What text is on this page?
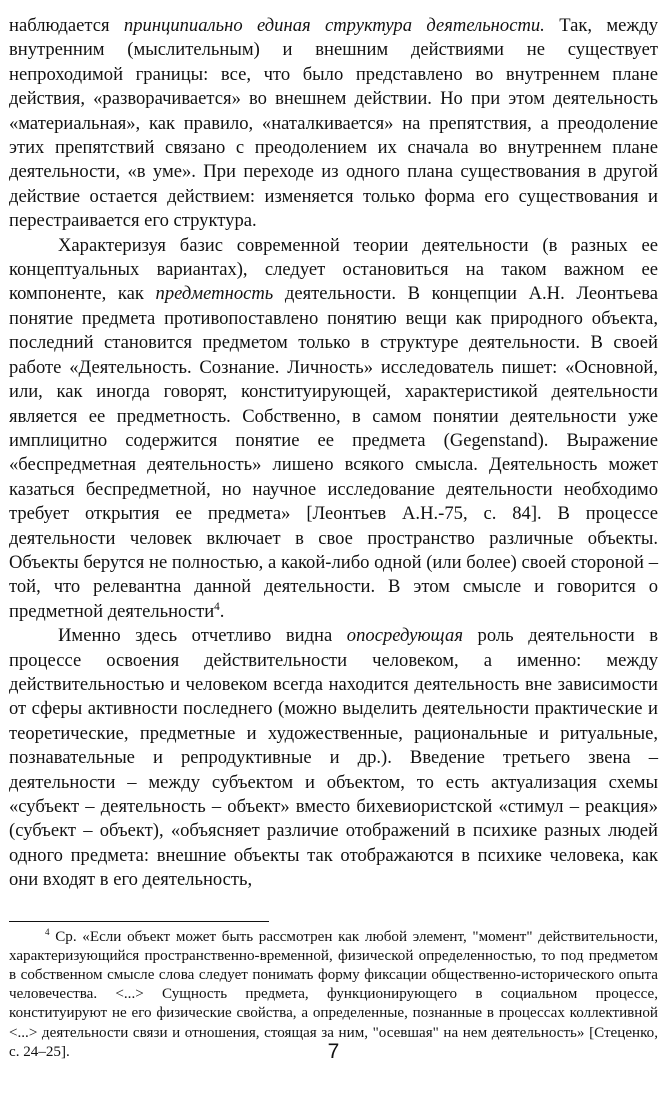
наблюдается принципиально единая структура деятельности. Так, между внутренним (мыслительным) и внешним действиями не существует непроходимой границы: все, что было представлено во внутреннем плане действия, «разворачивается» во внешнем действии. Но при этом деятельность «материальная», как правило, «наталкивается» на препятствия, а преодоление этих препятствий связано с преодолением их сначала во внутреннем плане деятельности, «в уме». При переходе из одного плана существования в другой действие остается действием: изменяется только форма его существования и перестраивается его структура.

Характеризуя базис современной теории деятельности (в разных ее концептуальных вариантах), следует остановиться на таком важном ее компоненте, как предметность деятельности. В концепции А.Н. Леонтьева понятие предмета противопоставлено понятию вещи как природного объекта, последний становится предметом только в структуре деятельности. В своей работе «Деятельность. Сознание. Личность» исследователь пишет: «Основной, или, как иногда говорят, конституирующей, характеристикой деятельности является ее предметность. Собственно, в самом понятии деятельности уже имплицитно содержится понятие ее предмета (Gegenstand). Выражение «беспредметная деятельность» лишено всякого смысла. Деятельность может казаться беспредметной, но научное исследование деятельности необходимо требует открытия ее предмета» [Леонтьев А.Н.-75, с. 84]. В процессе деятельности человек включает в свое пространство различные объекты. Объекты берутся не полностью, а какой-либо одной (или более) своей стороной – той, что релевантна данной деятельности. В этом смысле и говорится о предметной деятельности$^4$.

Именно здесь отчетливо видна опосредующая роль деятельности в процессе освоения действительности человеком, а именно: между действительностью и человеком всегда находится деятельность вне зависимости от сферы активности последнего (можно выделить деятельности практические и теоретические, предметные и художественные, рациональные и ритуальные, познавательные и репродуктивные и др.). Введение третьего звена – деятельности – между субъектом и объектом, то есть актуализация схемы «субъект – деятельность – объект» вместо бихевиористской «стимул – реакция» (субъект – объект), «объясняет различие отображений в психике разных людей одного предмета: внешние объекты так отображаются в психике человека, как они входят в его деятельность,

$^4$ Ср. «Если объект может быть рассмотрен как любой элемент, "момент" действительности, характеризующийся пространственно-временной, физической определенностью, то под предметом в собственном смысле слова следует понимать форму фиксации общественно-исторического опыта человечества. <...> Сущность предмета, функционирующего в социальном процессе, конституируют не его физические свойства, а определенные, познанные в процессах коллективной <...> деятельности связи и отношения, стоящая за ним, "осевшая" на нем деятельность» [Стеценко, с. 24–25].	7
